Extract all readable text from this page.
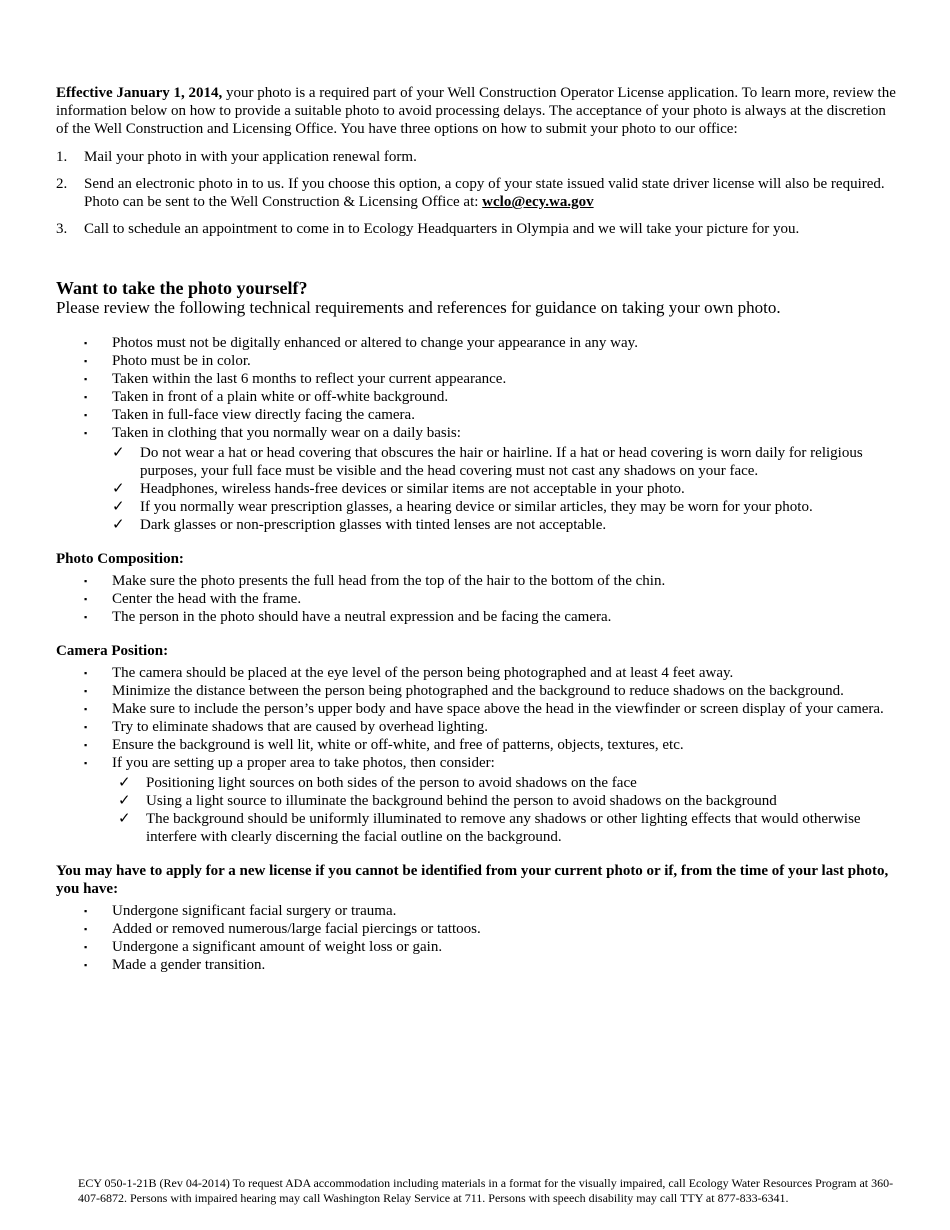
Effective January 1, 2014, your photo is a required part of your Well Construction Operator License application. To learn more, review the information below on how to provide a suitable photo to avoid processing delays. The acceptance of your photo is always at the discretion of the Well Construction and Licensing Office. You have three options on how to submit your photo to our office:

1.	Mail your photo in with your application renewal form.
2.	Send an electronic photo in to us. If you choose this option, a copy of your state issued valid state driver license will also be required. Photo can be sent to the Well Construction & Licensing Office at: wclo@ecy.wa.gov
3.	Call to schedule an appointment to come in to Ecology Headquarters in Olympia and we will take your picture for you.
Want to take the photo yourself?

Please review the following technical requirements and references for guidance on taking your own photo.

▪	Photos must not be digitally enhanced or altered to change your appearance in any way.
▪	Photo must be in color.
▪	Taken within the last 6 months to reflect your current appearance.
▪	Taken in front of a plain white or off-white background.
▪	Taken in full-face view directly facing the camera.
▪	Taken in clothing that you normally wear on a daily basis:
✓	Do not wear a hat or head covering that obscures the hair or hairline. If a hat or head covering is worn daily for religious purposes, your full face must be visible and the head covering must not cast any shadows on your face.
✓	Headphones, wireless hands-free devices or similar items are not acceptable in your photo.
✓	If you normally wear prescription glasses, a hearing device or similar articles, they may be worn for your photo.
✓	Dark glasses or non-prescription glasses with tinted lenses are not acceptable.
Photo Composition:
▪	Make sure the photo presents the full head from the top of the hair to the bottom of the chin.
▪	Center the head with the frame.
▪	The person in the photo should have a neutral expression and be facing the camera.
Camera Position:
▪	The camera should be placed at the eye level of the person being photographed and at least 4 feet away.
▪	Minimize the distance between the person being photographed and the background to reduce shadows on the background.
▪	Make sure to include the person’s upper body and have space above the head in the viewfinder or screen display of your camera.
▪	Try to eliminate shadows that are caused by overhead lighting.
▪	Ensure the background is well lit, white or off-white, and free of patterns, objects, textures, etc.
▪	If you are setting up a proper area to take photos, then consider:
✓	Positioning light sources on both sides of the person to avoid shadows on the face
✓	Using a light source to illuminate the background behind the person to avoid shadows on the background
✓	The background should be uniformly illuminated to remove any shadows or other lighting effects that would otherwise interfere with clearly discerning the facial outline on the background.
You may have to apply for a new license if you cannot be identified from your current photo or if, from the time of your last photo, you have:
▪	Undergone significant facial surgery or trauma.
▪	Added or removed numerous/large facial piercings or tattoos.
▪	Undergone a significant amount of weight loss or gain.
▪	Made a gender transition.
ECY 050-1-21B (Rev 04-2014) To request ADA accommodation including materials in a format for the visually impaired, call Ecology Water Resources Program at 360-407-6872. Persons with impaired hearing may call Washington Relay Service at 711. Persons with speech disability may call TTY at 877-833-6341.
